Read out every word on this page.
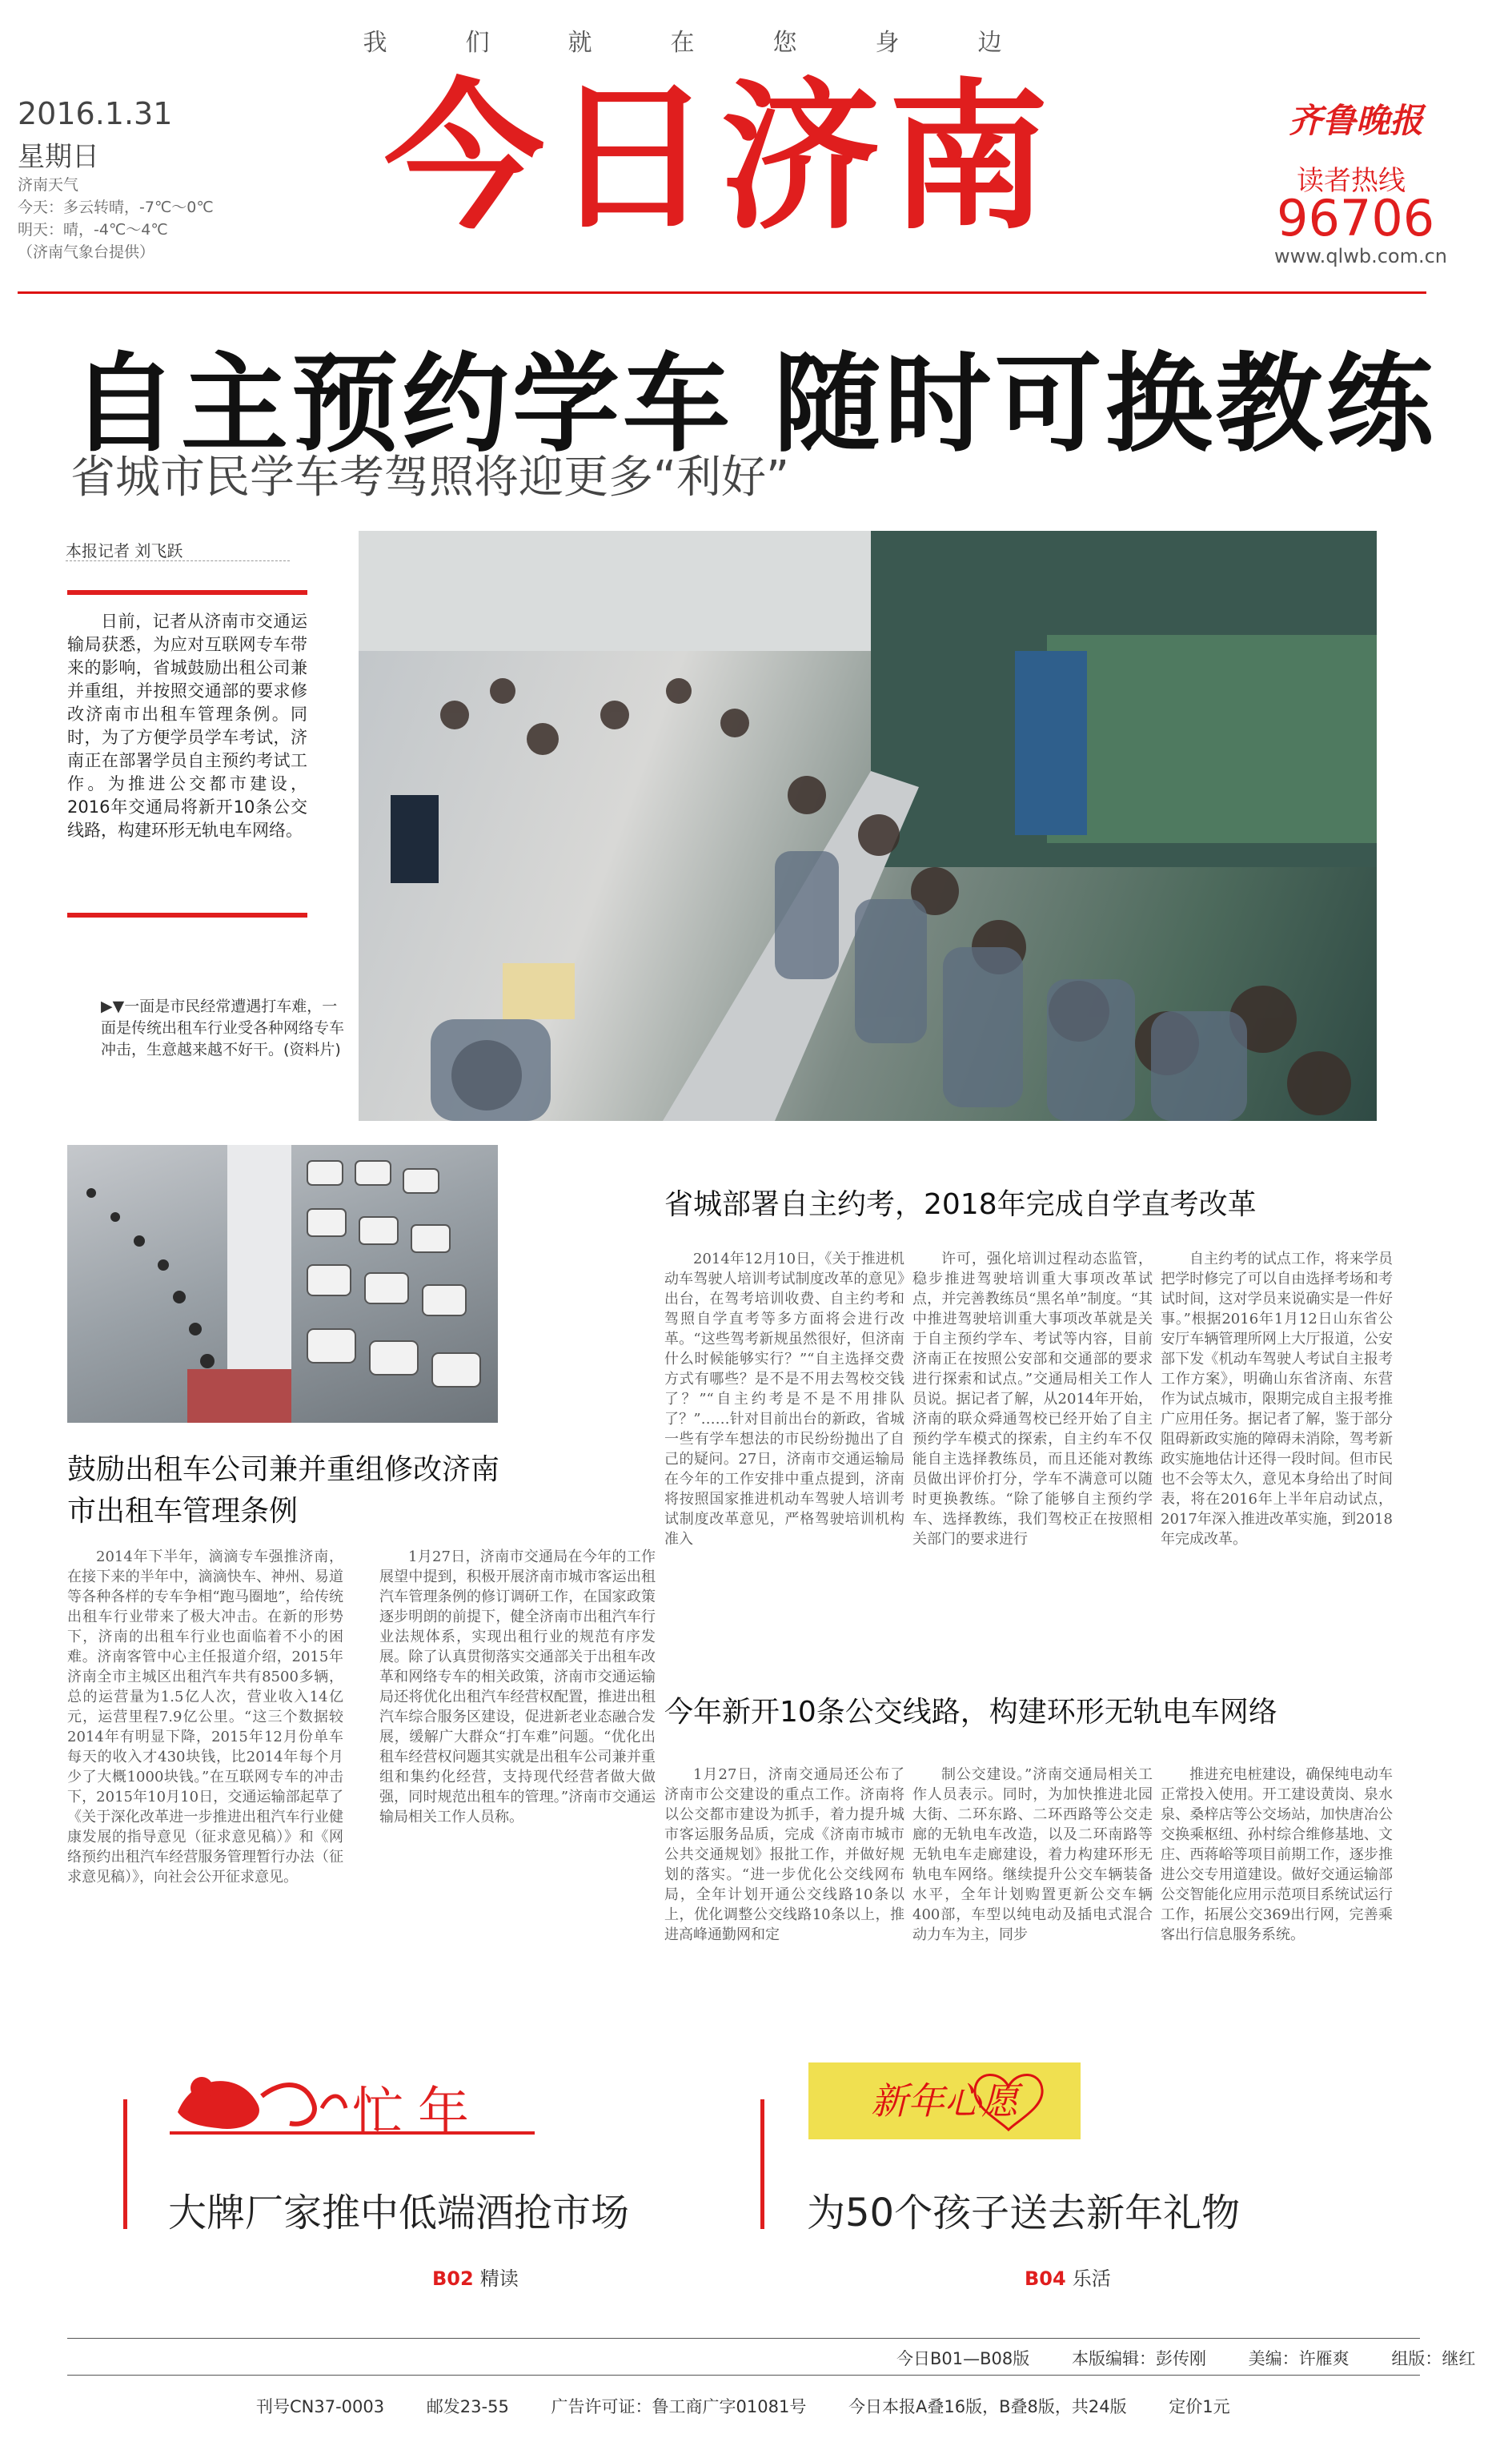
我们就在您身边
2016.1.31
星期日
济南天气
今天：多云转晴，-7℃～0℃
明天：晴，-4℃～4℃
（济南气象台提供）
今日济南	齐鲁晚报
读者热线
96706
www.qlwb.com.cn
自主预约学车 随时可换教练
省城市民学车考驾照将迎更多“利好”
本报记者 刘飞跃
日前，记者从济南市交通运输局获悉，为应对互联网专车带来的影响，省城鼓励出租公司兼并重组，并按照交通部的要求修改济南市出租车管理条例。同时，为了方便学员学车考试，济南正在部署学员自主预约考试工作。为推进公交都市建设，2016年交通局将新开10条公交线路，构建环形无轨电车网络。
▶▼一面是市民经常遭遇打车难，一面是传统出租车行业受各种网络专车冲击，生意越来越不好干。(资料片)
鼓励出租车公司兼并重组修改济南市出租车管理条例
省城部署自主约考，2018年完成自学直考改革
今年新开10条公交线路，构建环形无轨电车网络

2014年下半年，滴滴专车强推济南，在接下来的半年中，滴滴快车、神州、易道等各种各样的专车争相“跑马圈地”，给传统出租车行业带来了极大冲击。在新的形势下，济南的出租车行业也面临着不小的困难。济南客管中心主任报道介绍，2015年济南全市主城区出租汽车共有8500多辆，总的运营量为1.5亿人次，营业收入14亿元，运营里程7.9亿公里。“这三个数据较2014年有明显下降，2015年12月份单车每天的收入才430块钱，比2014年每个月少了大概1000块钱。”在互联网专车的冲击下，2015年10月10日，交通运输部起草了《关于深化改革进一步推进出租汽车行业健康发展的指导意见（征求意见稿）》和《网络预约出租汽车经营服务管理暂行办法（征求意见稿）》，向社会公开征求意见。

1月27日，济南市交通局在今年的工作展望中提到，积极开展济南市城市客运出租汽车管理条例的修订调研工作，在国家政策逐步明朗的前提下，健全济南市出租汽车行业法规体系，实现出租行业的规范有序发展。除了认真贯彻落实交通部关于出租车改革和网络专车的相关政策，济南市交通运输局还将优化出租汽车经营权配置，推进出租汽车综合服务区建设，促进新老业态融合发展，缓解广大群众“打车难”问题。“优化出租车经营权问题其实就是出租车公司兼并重组和集约化经营，支持现代经营者做大做强，同时规范出租车的管理。”济南市交通运输局相关工作人员称。

2014年12月10日，《关于推进机动车驾驶人培训考试制度改革的意见》出台，在驾考培训收费、自主约考和驾照自学直考等多方面将会进行改革。“这些驾考新规虽然很好，但济南什么时候能够实行？”“自主选择交费方式有哪些？是不是不用去驾校交钱了？”“自主约考是不是不用排队了？”……针对目前出台的新政，省城一些有学车想法的市民纷纷抛出了自己的疑问。27日，济南市交通运输局在今年的工作安排中重点提到，济南将按照国家推进机动车驾驶人培训考试制度改革意见，严格驾驶培训机构准入

许可，强化培训过程动态监管，稳步推进驾驶培训重大事项改革试点，并完善教练员“黑名单”制度。“其中推进驾驶培训重大事项改革就是关于自主预约学车、考试等内容，目前济南正在按照公安部和交通部的要求进行探索和试点。”交通局相关工作人员说。据记者了解，从2014年开始，济南的联众舜通驾校已经开始了自主预约学车模式的探索，自主约车不仅能自主选择教练员，而且还能对教练员做出评价打分，学车不满意可以随时更换教练。“除了能够自主预约学车、选择教练，我们驾校正在按照相关部门的要求进行

自主约考的试点工作，将来学员把学时修完了可以自由选择考场和考试时间，这对学员来说确实是一件好事。”根据2016年1月12日山东省公安厅车辆管理所网上大厅报道，公安部下发《机动车驾驶人考试自主报考工作方案》，明确山东省济南、东营作为试点城市，限期完成自主报考推广应用任务。据记者了解，鉴于部分阻碍新政实施的障碍未消除，驾考新政实施地估计还得一段时间。但市民也不会等太久，意见本身给出了时间表，将在2016年上半年启动试点，2017年深入推进改革实施，到2018年完成改革。

1月27日，济南交通局还公布了济南市公交建设的重点工作。济南将以公交都市建设为抓手，着力提升城市客运服务品质，完成《济南市城市公共交通规划》报批工作，并做好规划的落实。“进一步优化公交线网布局，全年计划开通公交线路10条以上，优化调整公交线路10条以上，推进高峰通勤网和定

制公交建设。”济南交通局相关工作人员表示。同时，为加快推进北园大街、二环东路、二环西路等公交走廊的无轨电车改造，以及二环南路等无轨电车走廊建设，着力构建环形无轨电车网络。继续提升公交车辆装备水平，全年计划购置更新公交车辆400部，车型以纯电动及插电式混合动力车为主，同步

推进充电桩建设，确保纯电动车正常投入使用。开工建设黄岗、泉水泉、桑梓店等公交场站，加快唐冶公交换乘枢纽、孙村综合维修基地、文庄、西蒋峪等项目前期工作，逐步推进公交专用道建设。做好交通运输部公交智能化应用示范项目系统试运行工作，拓展公交369出行网，完善乘客出行信息服务系统。

忙年	新年心愿
大牌厂家推中低端酒抢市场	为50个孩子送去新年礼物
B02 精读	B04 乐活
今日B01—B08版	本版编辑：彭传刚	美编：许雁爽	组版：继红
刊号CN37-0003	邮发23-55	广告许可证：鲁工商广字01081号	今日本报A叠16版，B叠8版，共24版	定价1元
